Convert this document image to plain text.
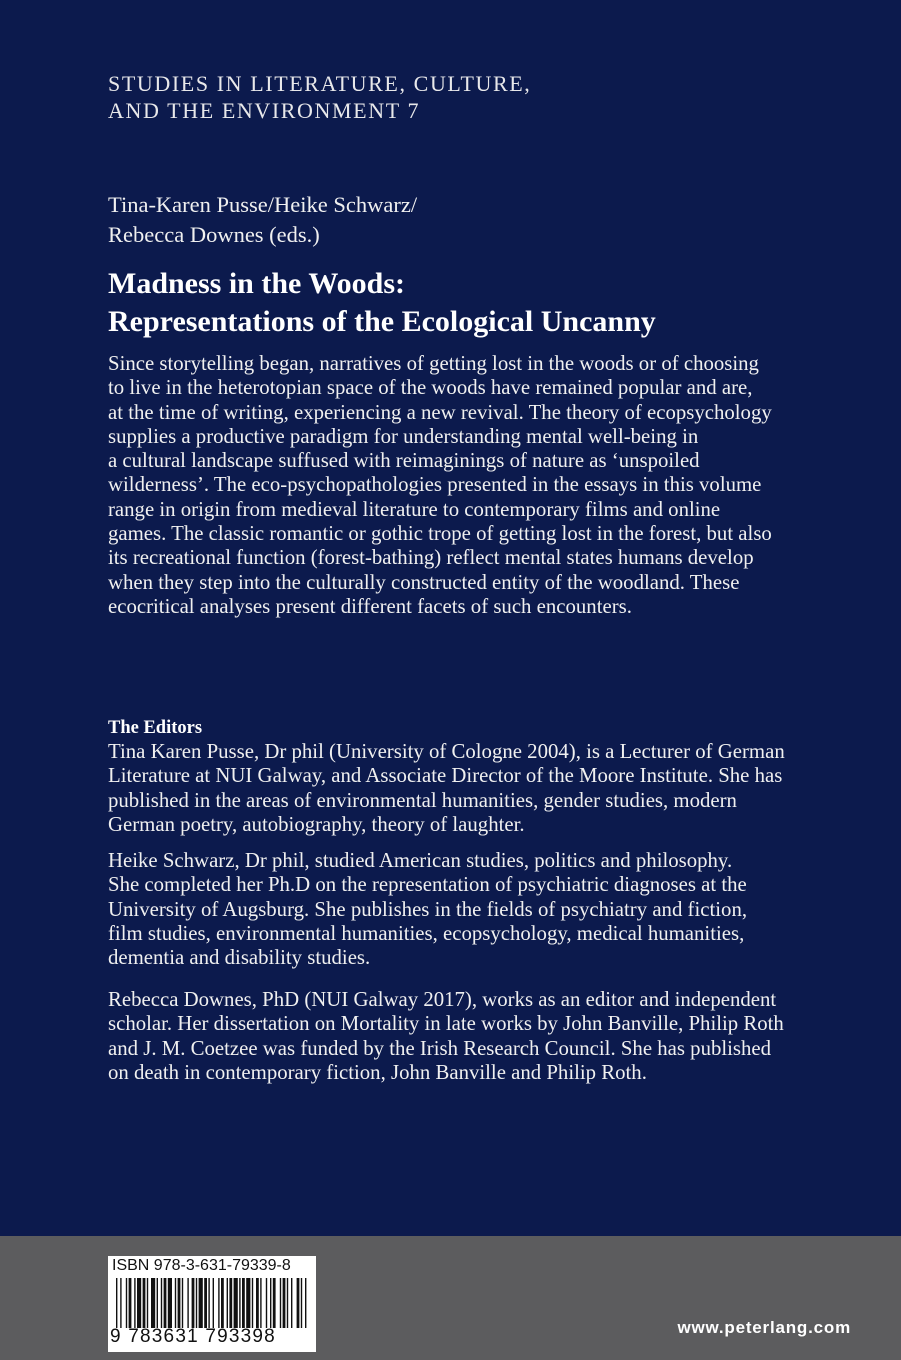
STUDIES IN LITERATURE, CULTURE,
AND THE ENVIRONMENT 7
Tina-Karen Pusse/Heike Schwarz/
Rebecca Downes (eds.)
Madness in the Woods:
Representations of the Ecological Uncanny
Since storytelling began, narratives of getting lost in the woods or of choosing
to live in the heterotopian space of the woods have remained popular and are,
at the time of writing, experiencing a new revival. The theory of ecopsychology
supplies a productive paradigm for understanding mental well-being in
a cultural landscape suffused with reimaginings of nature as ‘unspoiled
wilderness’. The eco-psychopathologies presented in the essays in this volume
range in origin from medieval literature to contemporary films and online
games. The classic romantic or gothic trope of getting lost in the forest, but also
its recreational function (forest-bathing) reflect mental states humans develop
when they step into the culturally constructed entity of the woodland. These
ecocritical analyses present different facets of such encounters.
The Editors
Tina Karen Pusse, Dr phil (University of Cologne 2004), is a Lecturer of German
Literature at NUI Galway, and Associate Director of the Moore Institute. She has
published in the areas of environmental humanities, gender studies, modern
German poetry, autobiography, theory of laughter.
Heike Schwarz, Dr phil, studied American studies, politics and philosophy.
She completed her Ph.D on the representation of psychiatric diagnoses at the
University of Augsburg. She publishes in the fields of psychiatry and fiction,
film studies, environmental humanities, ecopsychology, medical humanities,
dementia and disability studies.
Rebecca Downes, PhD (NUI Galway 2017), works as an editor and independent
scholar. Her dissertation on Mortality in late works by John Banville, Philip Roth
and J. M. Coetzee was funded by the Irish Research Council. She has published
on death in contemporary fiction, John Banville and Philip Roth.
ISBN 978-3-631-79339-8
9 783631 793398	www.peterlang.com
